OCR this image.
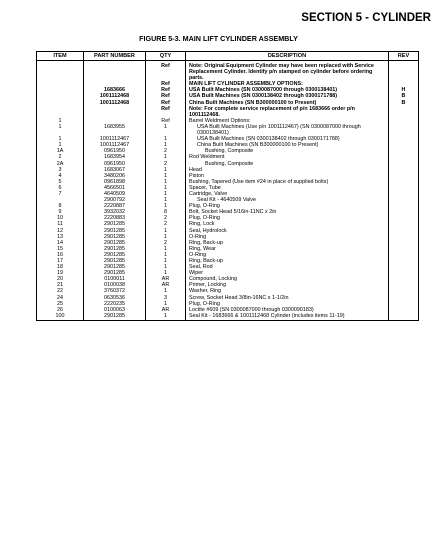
SECTION 5 - CYLINDER
FIGURE 5-3. MAIN LIFT CYLINDER ASSEMBLY
ITEM	PART NUMBER	QTY	DESCRIPTION	REV

		Ref	Note: Original Equipment Cylinder may have been replaced with Service Replacement Cylinder. Identify p/n stamped on cylinder before ordering parts.	
		Ref	MAIN LIFT CYLINDER ASSEMBLY OPTIONS:	
	1683666	Ref	USA Built Machines (SN 0300087000 through 0300138401)	H
	1001112468	Ref	USA Built Machines (SN 0300138402 through 0300171788)	B
	1001112468	Ref	China Built Machines (SN B300000100 to Present)	B
		Ref	Note: For complete service replacement of p/n 1683666 order p/n 1001112468.	
1		Ref	Barrel Weldment Options:	
1	1683955	1	USA Built Machines (Use p/n 1001112467) (SN 0300087000 through 0300138401)	
1	1001112467	1	USA Built Machines (SN 0300138402 through 0300171788)	
1	1001112467	1	China Built Machines (SN B300000100 to Present)	
1A	0961950	2	Bushing, Composite	
2	1683954	1	Rod Weldment	
2A	0961950	2	Bushing, Composite	
3	1683067	1	Head	
4	3480206	1	Piston	
5	0961898	1	Bushing, Tapered (Use item #24 in place of supplied bolts)	
6	4566501	1	Spacer, Tube	
7	4640509	1	Cartridge, Valve	
	2900792	1	Seal Kit - 4640509 Valve	
8	2220887	1	Plug, O-Ring	
9	3932032	8	Bolt, Socket Head 5/16in-11NC x 2in	
10	2220883	2	Plug, O-Ring	
11	2901285	2	Ring, Lock	
12	2901285	1	Seal, Hydrolock	
13	2901285	1	O-Ring	
14	2901285	2	Ring, Back-up	
15	2901285	1	Ring, Wear	
16	2901285	1	O-Ring	
17	2901285	1	Ring, Back-up	
18	2901285	1	Seal, Rod	
19	2901285	1	Wiper	
20	0100011	AR	Compound, Locking	
21	0100038	AR	Primer, Locking	
22	3760372	1	Washer, Ring	
24	0630536	3	Screw, Socket Head 3/8in-16NC x 1-1/2in	
25	2220235	1	Plug, O-Ring	
26	0100063	AR	Loctite #609 (SN 0300087000 through 0300090183)	
100	2901285	1	Seal Kit - 1683666 & 1001112468 Cylinder (includes items 11-19)	
